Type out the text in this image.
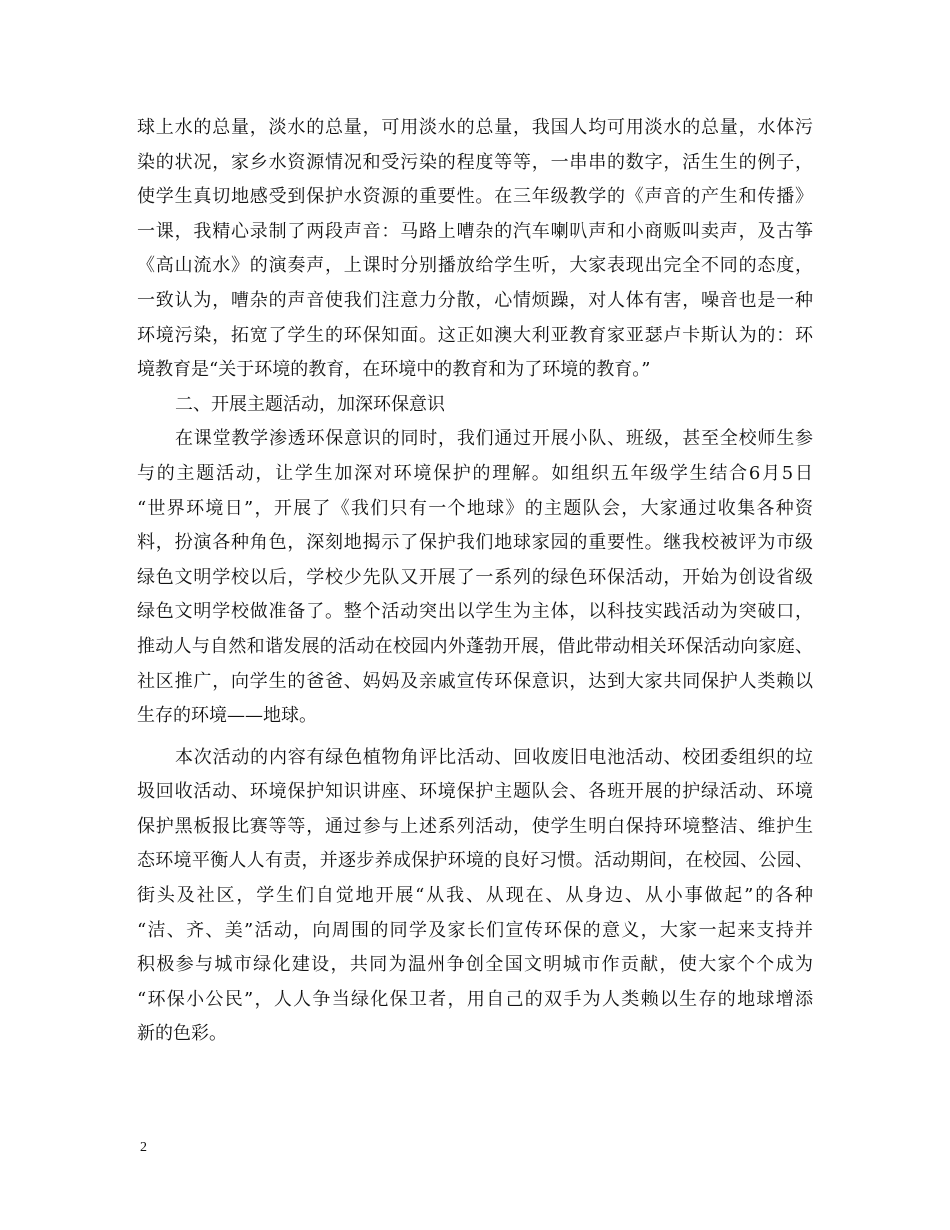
球上水的总量，淡水的总量，可用淡水的总量，我国人均可用淡水的总量，水体污
染的状况，家乡水资源情况和受污染的程度等等，一串串的数字，活生生的例子，
使学生真切地感受到保护水资源的重要性。在三年级教学的《声音的产生和传播》
一课，我精心录制了两段声音：马路上嘈杂的汽车喇叭声和小商贩叫卖声，及古筝
《高山流水》的演奏声，上课时分别播放给学生听，大家表现出完全不同的态度，
一致认为，嘈杂的声音使我们注意力分散，心情烦躁，对人体有害，噪音也是一种
环境污染，拓宽了学生的环保知面。这正如澳大利亚教育家亚瑟卢卡斯认为的：环
境教育是“关于环境的教育，在环境中的教育和为了环境的教育。”
二、开展主题活动，加深环保意识
在课堂教学渗透环保意识的同时，我们通过开展小队、班级，甚至全校师生参
与的主题活动，让学生加深对环境保护的理解。如组织五年级学生结合6月5日
“世界环境日”，开展了《我们只有一个地球》的主题队会，大家通过收集各种资
料，扮演各种角色，深刻地揭示了保护我们地球家园的重要性。继我校被评为市级
绿色文明学校以后，学校少先队又开展了一系列的绿色环保活动，开始为创设省级
绿色文明学校做准备了。整个活动突出以学生为主体，以科技实践活动为突破口，
推动人与自然和谐发展的活动在校园内外蓬勃开展，借此带动相关环保活动向家庭、
社区推广，向学生的爸爸、妈妈及亲戚宣传环保意识，达到大家共同保护人类赖以
生存的环境——地球。
本次活动的内容有绿色植物角评比活动、回收废旧电池活动、校团委组织的垃
圾回收活动、环境保护知识讲座、环境保护主题队会、各班开展的护绿活动、环境
保护黑板报比赛等等，通过参与上述系列活动，使学生明白保持环境整洁、维护生
态环境平衡人人有责，并逐步养成保护环境的良好习惯。活动期间，在校园、公园、
街头及社区，学生们自觉地开展“从我、从现在、从身边、从小事做起”的各种
“洁、齐、美”活动，向周围的同学及家长们宣传环保的意义，大家一起来支持并
积极参与城市绿化建设，共同为温州争创全国文明城市作贡献，使大家个个成为
“环保小公民”，人人争当绿化保卫者，用自己的双手为人类赖以生存的地球增添
新的色彩。
2
